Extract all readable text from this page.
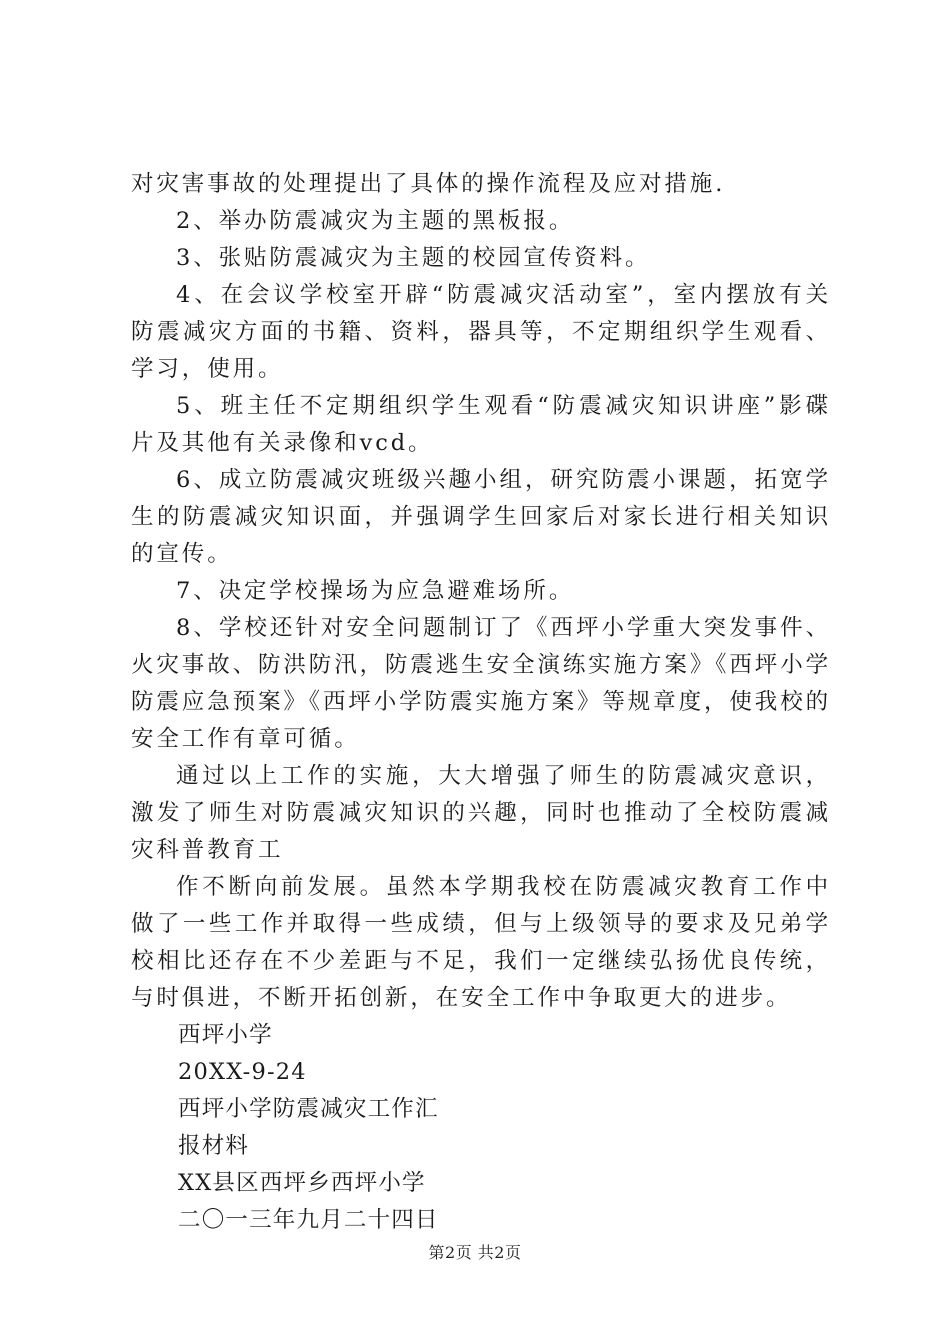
对灾害事故的处理提出了具体的操作流程及应对措施.

2、举办防震减灾为主题的黑板报。

3、张贴防震减灾为主题的校园宣传资料。

4、在会议学校室开辟“防震减灾活动室”，室内摆放有关防震减灾方面的书籍、资料，器具等，不定期组织学生观看、学习，使用。

5、班主任不定期组织学生观看“防震减灾知识讲座”影碟片及其他有关录像和vcd。

6、成立防震减灾班级兴趣小组，研究防震小课题，拓宽学生的防震减灾知识面，并强调学生回家后对家长进行相关知识的宣传。

7、决定学校操场为应急避难场所。

8、学校还针对安全问题制订了《西坪小学重大突发事件、火灾事故、防洪防汛，防震逃生安全演练实施方案》《西坪小学防震应急预案》《西坪小学防震实施方案》等规章度，使我校的安全工作有章可循。

通过以上工作的实施，大大增强了师生的防震减灾意识，激发了师生对防震减灾知识的兴趣，同时也推动了全校防震减灾科普教育工

作不断向前发展。虽然本学期我校在防震减灾教育工作中做了一些工作并取得一些成绩，但与上级领导的要求及兄弟学校相比还存在不少差距与不足，我们一定继续弘扬优良传统，与时俱进，不断开拓创新，在安全工作中争取更大的进步。

西坪小学

20XX-9-24

西坪小学防震减灾工作汇

报材料

XX县区西坪乡西坪小学

二〇一三年九月二十四日

第2页 共2页
